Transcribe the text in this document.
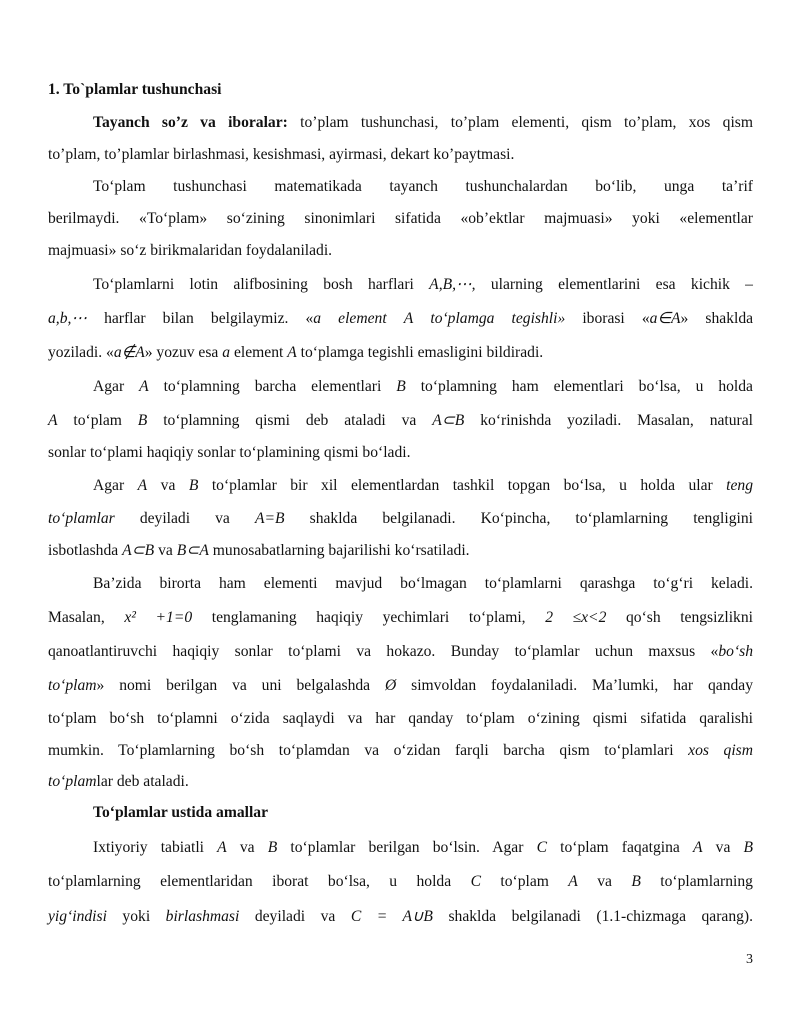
1. To`plamlar tushunchasi
Tayanch so’z va iboralar: to’plam tushunchasi, to’plam elementi, qism to’plam, xos qism
to’plam, to’plamlar birlashmasi, kesishmasi, ayirmasi, dekart ko’paytmasi.
To‘plam tushunchasi matematikada tayanch tushunchalardan bo‘lib, unga ta’rif
berilmaydi. «To‘plam» so‘zining sinonimlari sifatida «ob’ektlar majmuasi» yoki «elementlar
majmuasi» so‘z birikmalaridan foydalaniladi.
To‘plamlarni lotin alifbosining bosh harflari A,B,⋯, ularning elementlarini esa kichik –
a,b,⋯ harflar bilan belgilaymiz. «a element A to‘plamga tegishli» iborasi «a∈A» shaklda
yoziladi. «a∉A» yozuv esa a element A to‘plamga tegishli emasligini bildiradi.
Agar A to‘plamning barcha elementlari B to‘plamning ham elementlari bo‘lsa, u holda
A to‘plam B to‘plamning qismi deb ataladi va A⊂B ko‘rinishda yoziladi. Masalan, natural
sonlar to‘plami haqiqiy sonlar to‘plamining qismi bo‘ladi.
Agar A va B to‘plamlar bir xil elementlardan tashkil topgan bo‘lsa, u holda ular teng
to‘plamlar deyiladi va A=B shaklda belgilanadi. Ko‘pincha, to‘plamlarning tengligini
isbotlashda A⊂B va B⊂A munosabatlarning bajarilishi ko‘rsatiladi.
Ba’zida birorta ham elementi mavjud bo‘lmagan to‘plamlarni qarashga to‘g‘ri keladi.
Masalan, x² +1=0 tenglamaning haqiqiy yechimlari to‘plami, 2 ≤x<2 qo‘sh tengsizlikni
qanoatlantiruvchi haqiqiy sonlar to‘plami va hokazo. Bunday to‘plamlar uchun maxsus «bo‘sh
to‘plam» nomi berilgan va uni belgalashda Ø simvoldan foydalaniladi. Ma’lumki, har qanday
to‘plam bo‘sh to‘plamni o‘zida saqlaydi va har qanday to‘plam o‘zining qismi sifatida qaralishi
mumkin. To‘plamlarning bo‘sh to‘plamdan va o‘zidan farqli barcha qism to‘plamlari xos qism
to‘plamlar deb ataladi.
To‘plamlar ustida amallar
Ixtiyoriy tabiatli A va B to‘plamlar berilgan bo‘lsin. Agar C to‘plam faqatgina A va B
to‘plamlarning elementlaridan iborat bo‘lsa, u holda C to‘plam A va B to‘plamlarning
yig‘indisi yoki birlashmasi deyiladi va C = A∪B shaklda belgilanadi (1.1-chizmaga qarang).
3
